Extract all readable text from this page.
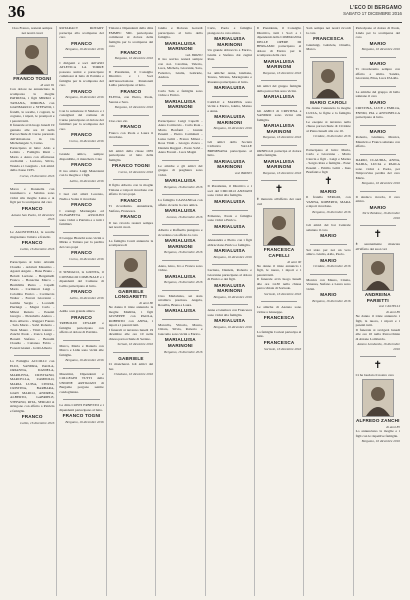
36	L'ECO DI BERGAMO
SABATO 17 DICEMBRE 2016

Ciao Franco, resterai sempre nei nostri cuori

FRANCO TOGNI
di anni 81

Con dolore ne annunciano la scomparsa la moglie PATRIZIA, i figli MIRKO e TATIANA, MIRONA con GIANMARCO e STEFANO, i fratelli, le sorelle, i cognati, le cognate, i nipoti, le pronipoti e i parenti tutti.

Il funerale avrà luogo lunedì 19 gennaio alle ore 10 nella Parrocchiale di Curno partendo dall'abitazione in via Michelangelo 5, Curno.

Partecipano al lutto: Aldo e Letizia - Famiglia Rizzi - Mario e Anna con affettuosa cordialità - Luciano, Silvio, Wanda e i Gargiulo - Gli amici della classe 1935.

Curno, 16 dicembre 2016

Marco e Donatella con Gianmarco e Sabrina sono vicini alla moglie Luisa e ai figli per la scomparsa del caro

FRANCO
Azzano San Paolo, 16 dicembre 2016

Le AGOSTINELLI, le sorelle ringraziano l'amico e fratello

FRANCO
Lallio, 16 dicembre 2016

Partecipano al lutto: Abrami Claudio - Adobati Massimo - Agazzi Angelo - Bana Bruno - Belotti Luciano - Bergamelli Franco - Bonacina Marco - Brembilla Pietro - Capelli Mario - Carminati Luigi - Colombo Enrico - Cortinovis Walter - Ferrari Giovanni - Gamba Sergio - Locatelli Pierluigi - Magni Carlo - Milesi Renato - Pesenti Giorgio - Pizzaballa Andrea - Rota Alberto - Ruggeri Fausto - Sala Mario - Salvi Roberto - Testa Mauro - Vitali Gianni - Zanchi Paolo - Zonca Luigi - Bonetti Stefano - Bonomi Claudio - Cattaneo Fabio - Foresti Gianni - Gritti Alberto

La Famiglia ACCOLLI con ELIO, SANDRA, PAOLA, ORIANNA, DANIELA, MARILENA, CRISTIANO, MARCELLA, ZAMPOLO, MARIA LUISA, CINZIA, CRISTINA, BARBARA, GIAN MARCO, ANDREA, ALBERTO, GABRIELE, STEFANO, RITA, SERGIO si stringono con affetto a Patrizia e famiglia.

FRANCO
Lallio, 16 dicembre 2016

ROTARACT ROTARY partecipa alla scomparsa del caro

FRANCO
Bergamo, 16 dicembre 2016

I dirigenti e soci dell'ASD ATLETICA LA TORRE possono unirsi e partecipare commossi al lutto di Patrizia e famiglia per la scomparsa del caro

FRANCO
Bergamo, 16 dicembre 2016

Con la redazione il Sindaco e i consiglieri del comune di Curno partecipano al dolore dei familiari per la scomparsa del caro

FRANCO
Curno, 16 dicembre 2016

Grande amico, sempre disponibile, ci mancherà. Ciao

FRANCO

Il tuo amico Luigi Mazzoleni con la moglie e i figli.

Lallio, 16 dicembre 2016

I tuoi cari amici Lorenzo, Nadia e Sonia ti ricordano

FRANCO

I coniugi Mariangela ed ELISABETTA ASSOLINI sono vicini a Patrizia e a tutti i familiari.

Il Gruppo Bianchi sono vicini a Mirko e Tatiana per la perdita del caro papà

FRANCO
Curno, 16 dicembre 2016

Il SINDACO, la GIUNTA, il CONSIGLIO COMUNALE e i dipendenti del Comune di Lallio partecipano al lutto.

FRANCO
Lallio, 16 dicembre 2016

Addio a un grande amico

FRANCO

TREBOLDI CESARE e famiglia partecipano con affetto al dolore di Patrizia.

Marco, Maria e Daniela con Marco e Lidia sono vicini alle famiglie.

Bergamo, 16 dicembre 2016

Maestrini, Dipendenti e COLLEGHI TUTTI della UNIONE ARTIGIANI di Bergamo porgono sentite condoglianze.

La ditta CONTI ERNESTO e i dipendenti partecipano al lutto.

FRANCO TOGNI
Bergamo, 16 dicembre 2016

Tiziani e Dipendenti della ditta EMMEC SRL partecipano commossi al dolore della famiglia per la scomparsa del caro

FRANCO
Bergamo, 16 dicembre 2016

Il Presidente, il Consiglio Direttivo e i Soci dell'Associazione Pensionati Lallio partecipano al lutto.

FRANCO

ELENA, con Pietro, Paola, Serena e Sara.

Bergamo, 16 dicembre 2016

Ciao caro zio

FRANCO

Franco con Paola e Laura ti ricordano.

Gli amici della classe 1935 partecipano al lutto della famiglia.

FRANCO TOGNI
Curno, 16 dicembre 2016

Il figlio Alberto con la moglie Tiziana e i nipoti ricordano con affetto il caro papà.

FRANCO

Ti ricordiamo. Annamaria, Stefano, Francesca.

FRANCO

Il tuo ricordo resterà sempre nei nostri cuori.

La famiglia Conti annuncia la scomparsa di

GABRIELE LONGARETTI
di anni 80

Ne danno il triste annuncio la moglie MARIA, i figli GIUSEPPE con PAOLA, ROBERTO con ANNA, i nipoti e i parenti tutti.

I funerali si terranno lunedì 19 dicembre alle ore 10 nella chiesa parrocchiale di Seriate.

Seriate, 16 dicembre 2016
GABRIELE

Ci mancherai. Gli amici del bar.

Chiuduno, 16 dicembre 2016

Giulio e Dolores Gerardi partecipano al lutto della famiglia.

MARIALUISA MARINONI
ved. BRIZIO

Il tuo sorriso resterà sempre con noi. Caroline, Valerio, Luca, Michela, Giovanni, Sara, Federico, Giulia, Gabriele, Andrea.

Carla Sala e famiglia sono vicine a Enrico.

MARIALUISA MARINONI

Partecipano: Luigi Capelli - Anna Cortinovis - Carla Rota - Mario Bonfanti - Gianni Pesenti - Pietro Carminati - Luisa Gritti - Franco Milesi - Rosa Vitali - Giorgio Zonca - Daniela Ruggeri - Paolo Salvi - Anna Foresti - Luca Magni

Le amiche e gli amici del gruppo di preghiera sono vicini.

MARIALUISA
Bergamo, 16 dicembre 2016

La famiglia CAZZANIGA con affetto ricorda la cara amica.

MARIALUISA
Lurano, 16 dicembre 2016

Alberto e Raffaella piangono e ricordano con affetto la cara

MARIALUISA MARINONI
Bergamo, 16 dicembre 2016

Anna, Gino, Ivo e Franca sono vicine.

MARIALUISA
Bergamo, 16 dicembre 2016

Ciao Marialuisa, sei stata un'amica preziosa. Angela, Rosalba, Bruna e Laura.

MARIALUISA

Marcella, Vittoria, Mauro, Chiara, Silvia, Roberto e Giacomo sono vicini a Enrico.

MARIALUISA MARINONI
Bergamo, 16 dicembre 2016

Carlo, Paola e famiglia piangono la cara amica.

MARIALUISA MARINONI

Un grande abbraccio a Enrico, Giulia e Stefano dai cugini Rota.

Le amiche: Anna, Giuliana, Teresa, Silvana, Mariagrazia e Rosanna partecipano al lutto.

MARIALUISA

CARLO e MARINA sono vicini a Enrico, Giulia, Matteo e Anna.

MARIALUISA MARINONI
Bergamo, 16 dicembre 2016

Gli amici della Società Ciclistica VALLE BREMBANA partecipano al lutto.

MARIALUISA MARINONI
ved. BRIZIO

Il Presidente, il Direttivo e i soci del CIRCOLO ANZIANI sono vicini alla famiglia.

MARIALUISA

Ermanno, Paola e famiglia sono vicini a Enrico.

MARIALUISA

Alessandra e Pietro con i figli abbracciano Enrico e famiglia.

MARIALUISA
Bergamo, 16 dicembre 2016

Luciana, Daniela, Roberta e Giovanna partecipano al dolore di Enrico e dei figli.

MARIALUISA MARINONI
Bergamo, 16 dicembre 2016

Anna e Gianluca con Francesca sono vicini alla famiglia.

MARIALUISA
Bergamo, 16 dicembre 2016

Il Presidente, il Consiglio Direttivo, tutti i Soci e i dipendenti della COMPAGNIA DELLE OPERE DI BERGAMO partecipano al dolore di Enrico per la scomparsa della cara

MARIALUISA MARINONI
Bergamo, 16 dicembre 2016

Gli amici del gruppo famiglie della parrocchia sono vicini.

MARIALUISA

Gli AMICI di CRISTINA e SANDRO sono vicini alla famiglia.

MARIALUISA MARINONI
Bergamo, 16 dicembre 2016

ORNELLO partecipa al dolore della famiglia.

MARIALUISA MARINONI
Bergamo, 16 dicembre 2016
✝

È mancata all'affetto dei suoi cari

FRANCESCA CAPELLI
di anni 90

Ne danno il triste annuncio i figli, le nuore, i nipoti e i parenti tutti.

Il funerale avrà luogo lunedì alle ore 14.30 nella chiesa parrocchiale di Sorisole.

Sorisole, 16 dicembre 2016

Le amiche di Azzano sono vicine a Giuseppe.

FRANCESCA

La famiglia Cortesi partecipa al lutto.

FRANCESCA
Sorisole, 16 dicembre 2016

Sarà sempre nei nostri ricordi la cara

FRANCESCA

Gianluigi, Gabriele, Ornella, Marco.

MARIO CAROLI

Ne danno l'annuncio la moglie LUCIA, le figlie e la famiglia tutta.

Le esequie si terranno nella chiesa parrocchiale di Cividate al Piano lunedì alle ore 10.

Cividate, 16 dicembre 2016

Partecipano al lutto: Maria, Carlo e Giovanna - Mario Ciarcia e figli - Luigi e Marisa - Sergio Rota e famiglia - Ester Pesenti - Emilio Gritti - Ines Bonfanti e figli

✝
MARIO

Il fratello SERGIO, con VANNA, ROBERTO, MARA e nipoti ricordano.

Bergamo, 16 dicembre 2016

Gli amici del bar Centrale salutano il caro

MARIO

Sei stato per noi un vero amico. Giulio, Aldo, Paolo.

MARIO
Cividate, 16 dicembre 2016

Monica con Mauro, Cinzia, Vanessa, Stefano e Laura sono vicini.

MARIO
Bergamo, 16 dicembre 2016

Partecipano al dolore di Paola, Linda per la scomparsa del caro

MARIO
Bergamo, 16 dicembre 2016
MARIO

Ti ricorderemo sempre con affetto e stima. Sandra, Giovanni, Elisa, Luca D'Adda.

Le amiche del gruppo di ballo salutano il caro

MARIO

CRISTINA, LUCE e EMILIA, ENNIO, PIA e ANTONELLA partecipano al lutto.

MARIO

Roberta, Giuliana, Monica, Maurizio e Franca salutano con affetto.

DARIO, CLAUDIA, ANNA, NADIA, LUCIA e PAOLA sono vicini a Paola, per l'improvvisa perdita del caro Mario.

Bergamo, 16 dicembre 2016

Il sindaco ricorda, il caro amico.

MARIO
Torre Boldone, 16 dicembre 2016
✝

È serenamente mancata all'affetto dei suoi cari

ANDREINA PARIETTI
ved. CASTELLI
di anni 89

Ne danno il triste annuncio i figli, la nuora, i nipoti e i parenti tutti.

Il funerale si svolgerà lunedì alle ore 10 nella Parrocchiale di Alzano Lombardo.

Alzano Lombardo, 16 dicembre 2016
✝

Ci ha lasciato il nostro caro

ALFREDO ZANCHI
di anni 85

Lo annunciano la moglie e i figli con le rispettive famiglie.

Bergamo, 16 dicembre 2016
